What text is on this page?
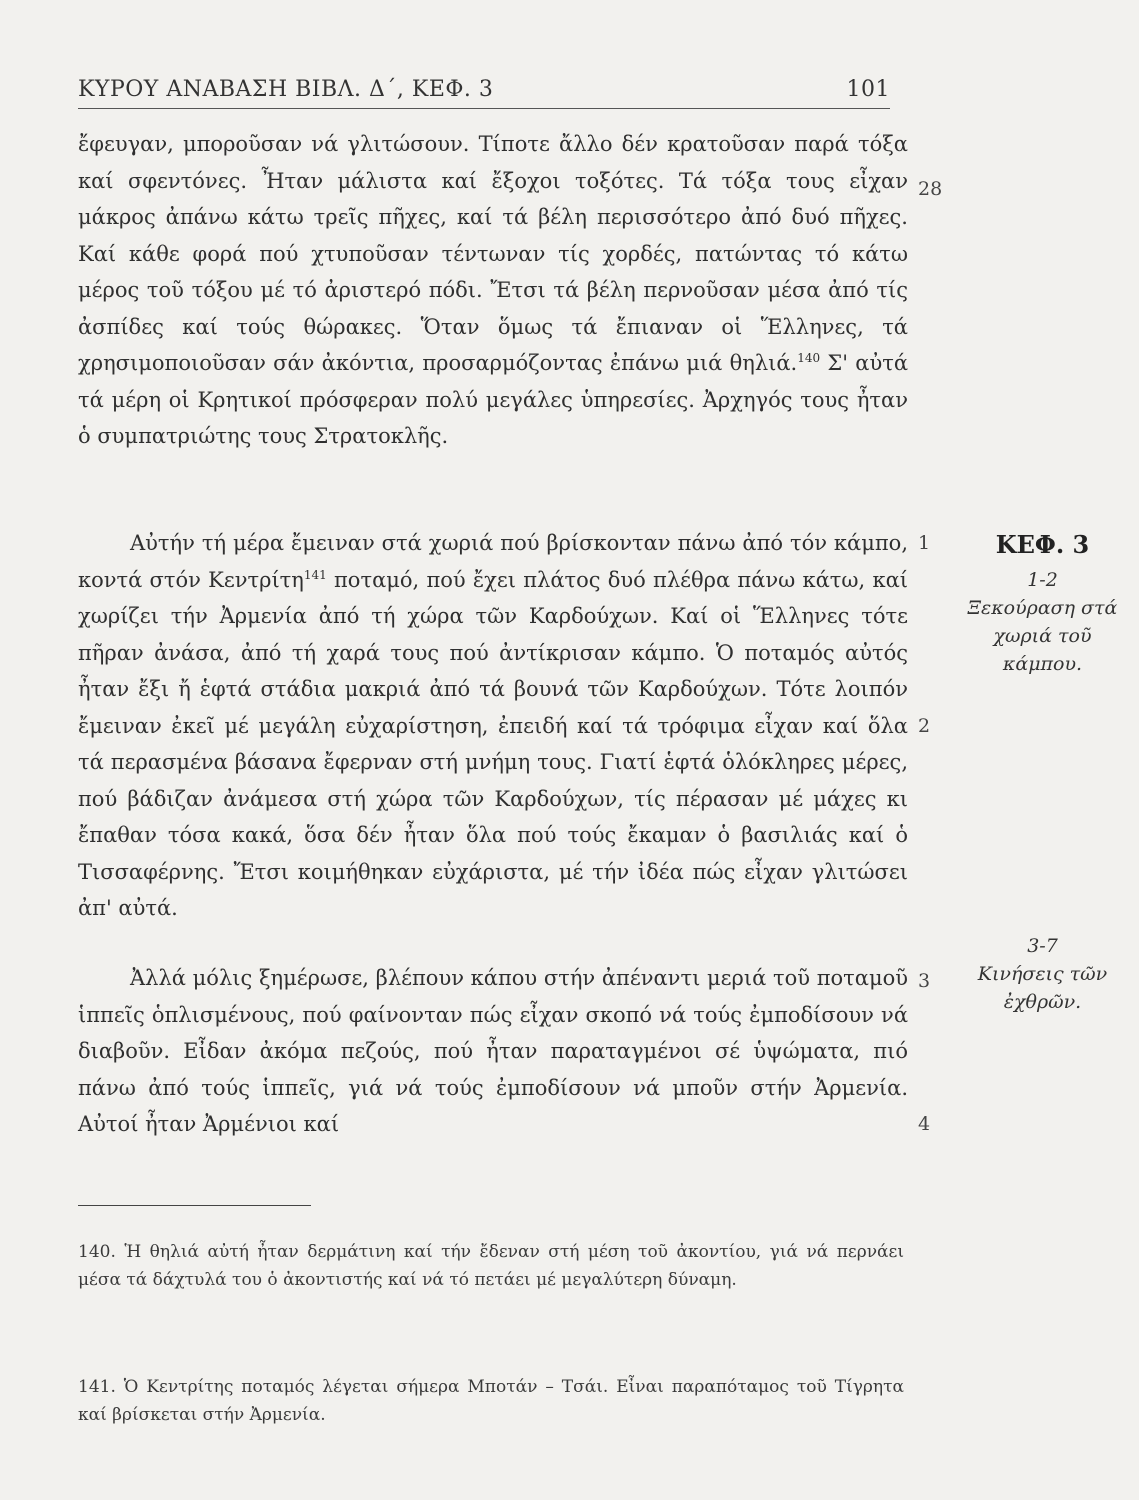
ΚΥΡΟΥ ΑΝΑΒΑΣΗ ΒΙΒΛ. Δ΄, ΚΕΦ. 3	101

ἔφευγαν, μποροῦσαν νά γλιτώσουν. Τίποτε ἄλλο δέν κρατοῦσαν παρά τόξα καί σφεντόνες. Ἦταν μάλιστα καί ἔξοχοι τοξότες. Τά τόξα τους εἶχαν μάκρος ἀπάνω κάτω τρεῖς πῆχες, καί τά βέλη περισσότερο ἀπό δυό πῆχες. Καί κάθε φορά πού χτυποῦσαν τέντωναν τίς χορδές, πατώντας τό κάτω μέρος τοῦ τόξου μέ τό ἀριστερό πόδι. Ἔτσι τά βέλη περνοῦσαν μέσα ἀπό τίς ἀσπίδες καί τούς θώρακες. Ὅταν ὅμως τά ἔπιαναν οἱ Ἕλληνες, τά χρησιμοποιοῦσαν σάν ἀκόντια, προσαρμόζοντας ἐπάνω μιά θηλιά.$^{140}$ Σ' αὐτά τά μέρη οἱ Κρητικοί πρόσφεραν πολύ μεγάλες ὑπηρεσίες. Ἀρχηγός τους ἦταν ὁ συμπατριώτης τους Στρατοκλῆς.

Αὐτήν τή μέρα ἔμειναν στά χωριά πού βρίσκονταν πάνω ἀπό τόν κάμπο, κοντά στόν Κεντρίτη$^{141}$ ποταμό, πού ἔχει πλάτος δυό πλέθρα πάνω κάτω, καί χωρίζει τήν Ἀρμενία ἀπό τή χώρα τῶν Καρδούχων. Καί οἱ Ἕλληνες τότε πῆραν ἀνάσα, ἀπό τή χαρά τους πού ἀντίκρισαν κάμπο. Ὁ ποταμός αὐτός ἦταν ἔξι ἤ ἑφτά στάδια μακριά ἀπό τά βουνά τῶν Καρδούχων. Τότε λοιπόν ἔμειναν ἐκεῖ μέ μεγάλη εὐχαρίστηση, ἐπειδή καί τά τρόφιμα εἶχαν καί ὅλα τά περασμένα βάσανα ἔφερναν στή μνήμη τους. Γιατί ἑφτά ὁλόκληρες μέρες, πού βάδιζαν ἀνάμεσα στή χώρα τῶν Καρδούχων, τίς πέρασαν μέ μάχες κι ἔπαθαν τόσα κακά, ὅσα δέν ἦταν ὅλα πού τούς ἔκαμαν ὁ βασιλιάς καί ὁ Τισσαφέρνης. Ἔτσι κοιμήθηκαν εὐχάριστα, μέ τήν ἰδέα πώς εἶχαν γλιτώσει ἀπ' αὐτά.

Ἀλλά μόλις ξημέρωσε, βλέπουν κάπου στήν ἀπέναντι μεριά τοῦ ποταμοῦ ἱππεῖς ὁπλισμένους, πού φαίνονταν πώς εἶχαν σκοπό νά τούς ἐμποδίσουν νά διαβοῦν. Εἶδαν ἀκόμα πεζούς, πού ἦταν παραταγμένοι σέ ὑψώματα, πιό πάνω ἀπό τούς ἱππεῖς, γιά νά τούς ἐμποδίσουν νά μποῦν στήν Ἀρμενία. Αὐτοί ἦταν Ἀρμένιοι καί

28
1
2
3
4
ΚΕΦ. 3
1-2
Ξεκούραση στά χωριά τοῦ κάμπου.
3-7
Κινήσεις τῶν ἐχθρῶν.
140. Ἡ θηλιά αὐτή ἦταν δερμάτινη καί τήν ἔδεναν στή μέση τοῦ ἀκοντίου, γιά νά περνάει μέσα τά δάχτυλά του ὁ ἀκοντιστής καί νά τό πετάει μέ μεγαλύτερη δύναμη.
141. Ὁ Κεντρίτης ποταμός λέγεται σήμερα Μποτάν – Τσάι. Εἶναι παραπόταμος τοῦ Τίγρητα καί βρίσκεται στήν Ἀρμενία.
